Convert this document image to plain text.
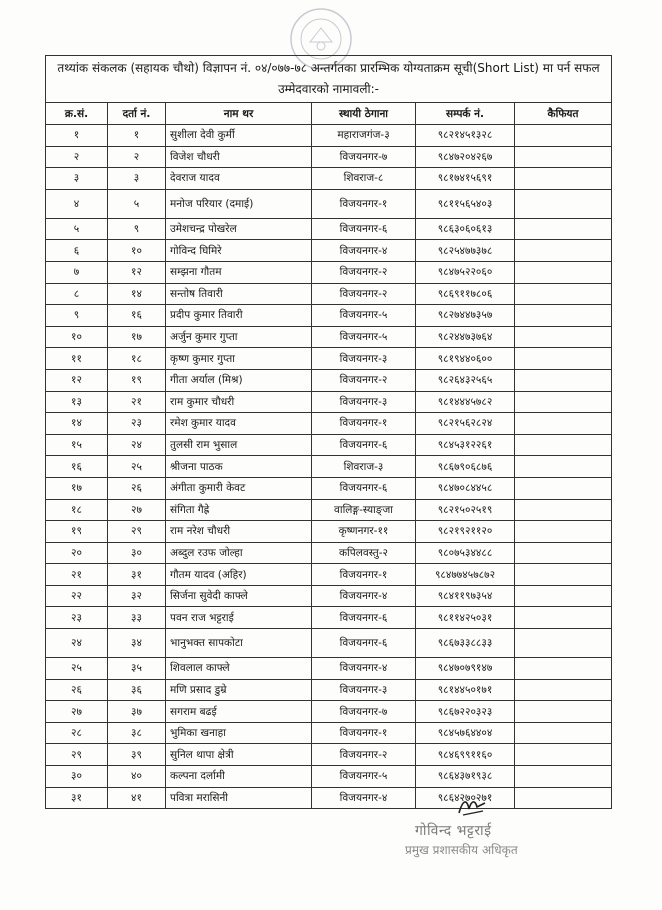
तथ्यांक संकलक (सहायक चौथो) विज्ञापन नं. ०४/०७७-७८ अन्तर्गतका प्रारम्भिक योग्यताक्रम सूची(Short List) मा पर्न सफल उम्मेदवारको नामावली:-					
क्र.सं.	दर्ता नं.	नाम थर	स्थायी ठेगाना	सम्पर्क नं.	कैफियत
१	१	सुशीला देवी कुर्मी	महाराजगंज-३	९८२१४५१३२८	
२	२	विजेश चौधरी	विजयनगर-७	९८४७२०४२६७	
३	३	देवराज यादव	शिवराज-८	९८१७४१५६९१	
४	५	मनोज परियार (दमाई)	विजयनगर-१	९८११५६५४०३	
५	९	उमेशचन्द्र पोखरेल	विजयनगर-६	९८६३०६०६१३	
६	१०	गोविन्द घिमिरे	विजयनगर-४	९८२५४७७३७८	
७	१२	सम्झना गौतम	विजयनगर-२	९८४७५२२०६०	
८	१४	सन्तोष तिवारी	विजयनगर-२	९८६९११७८०६	
९	१६	प्रदीप कुमार तिवारी	विजयनगर-५	९८२७४४७३५७	
१०	१७	अर्जुन कुमार गुप्ता	विजयनगर-५	९८२४४७३७६४	
११	१८	कृष्ण कुमार गुप्ता	विजयनगर-३	९८१९४४०६००	
१२	१९	गीता अर्याल (मिश्र)	विजयनगर-२	९८२६४३२५६५	
१३	२१	राम कुमार चौधरी	विजयनगर-३	९८१४४४५७८२	
१४	२३	रमेश कुमार यादव	विजयनगर-१	९८२१५६२८२४	
१५	२४	तुलसी राम भुसाल	विजयनगर-६	९८४५३१२२६१	
१६	२५	श्रीजना पाठक	शिवराज-३	९८६७९०६८७६	
१७	२६	अंगीता कुमारी केवट	विजयनगर-६	९८४७०८४४५८	
१८	२७	संगिता गैह्रे	वालिङ्ग-स्याङ्जा	९८२१५०२५१९	
१९	२९	राम नरेश चौधरी	कृष्णनगर-११	९८२१९२११२०	
२०	३०	अब्दुल रउफ जोल्हा	कपिलवस्तु-२	९८०७५३४४८८	
२१	३१	गौतम यादव (अहिर)	विजयनगर-१	९८४७७४५७८७२	
२२	३२	सिर्जना सुवेदी काफ्ले	विजयनगर-४	९८४११९७३५४	
२३	३३	पवन राज भट्टराई	विजयनगर-६	९८११४२५०३१	
२४	३४	भानुभक्त सापकोटा	विजयनगर-६	९८६७३३८८३३	
२५	३५	शिवलाल काफ्ले	विजयनगर-४	९८४७०७९१४७	
२६	३६	मणि प्रसाद डुम्रे	विजयनगर-३	९८१४४५०१७१	
२७	३७	सगराम बढई	विजयनगर-७	९८६७२२०३२३	
२८	३८	भुमिका खनाहा	विजयनगर-१	९८४५७६४४०४	
२९	३९	सुनिल थापा क्षेत्री	विजयनगर-२	९८४६९९११६०	
३०	४०	कल्पना दर्लामी	विजयनगर-५	९८६४३७१९३८	
३१	४१	पवित्रा मरासिनी	विजयनगर-४	९८६४२७०२७१	
गोविन्द भट्टराई
प्रमुख प्रशासकीय अधिकृत
